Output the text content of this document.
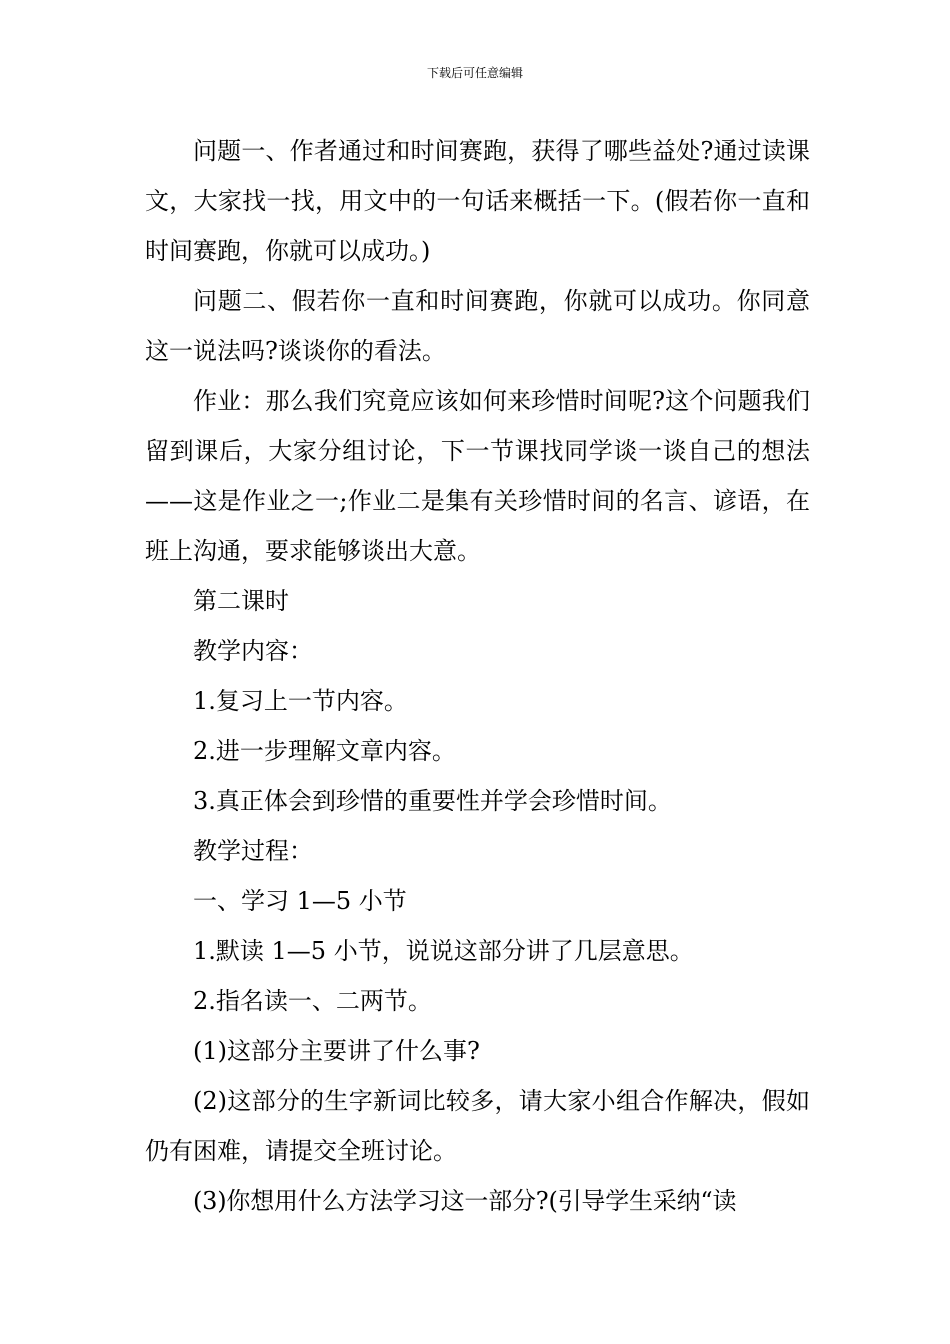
下载后可任意编辑

问题一、作者通过和时间赛跑，获得了哪些益处?通过读课文，大家找一找，用文中的一句话来概括一下。(假若你一直和时间赛跑，你就可以成功。)

问题二、假若你一直和时间赛跑，你就可以成功。你同意这一说法吗?谈谈你的看法。

作业：那么我们究竟应该如何来珍惜时间呢?这个问题我们留到课后，大家分组讨论，下一节课找同学谈一谈自己的想法——这是作业之一;作业二是集有关珍惜时间的名言、谚语，在班上沟通，要求能够谈出大意。

第二课时

教学内容：

1.复习上一节内容。

2.进一步理解文章内容。

3.真正体会到珍惜的重要性并学会珍惜时间。

教学过程：

一、学习 1—5 小节

1.默读 1—5 小节，说说这部分讲了几层意思。

2.指名读一、二两节。

(1)这部分主要讲了什么事?

(2)这部分的生字新词比较多，请大家小组合作解决，假如仍有困难，请提交全班讨论。

(3)你想用什么方法学习这一部分?(引导学生采纳“读
